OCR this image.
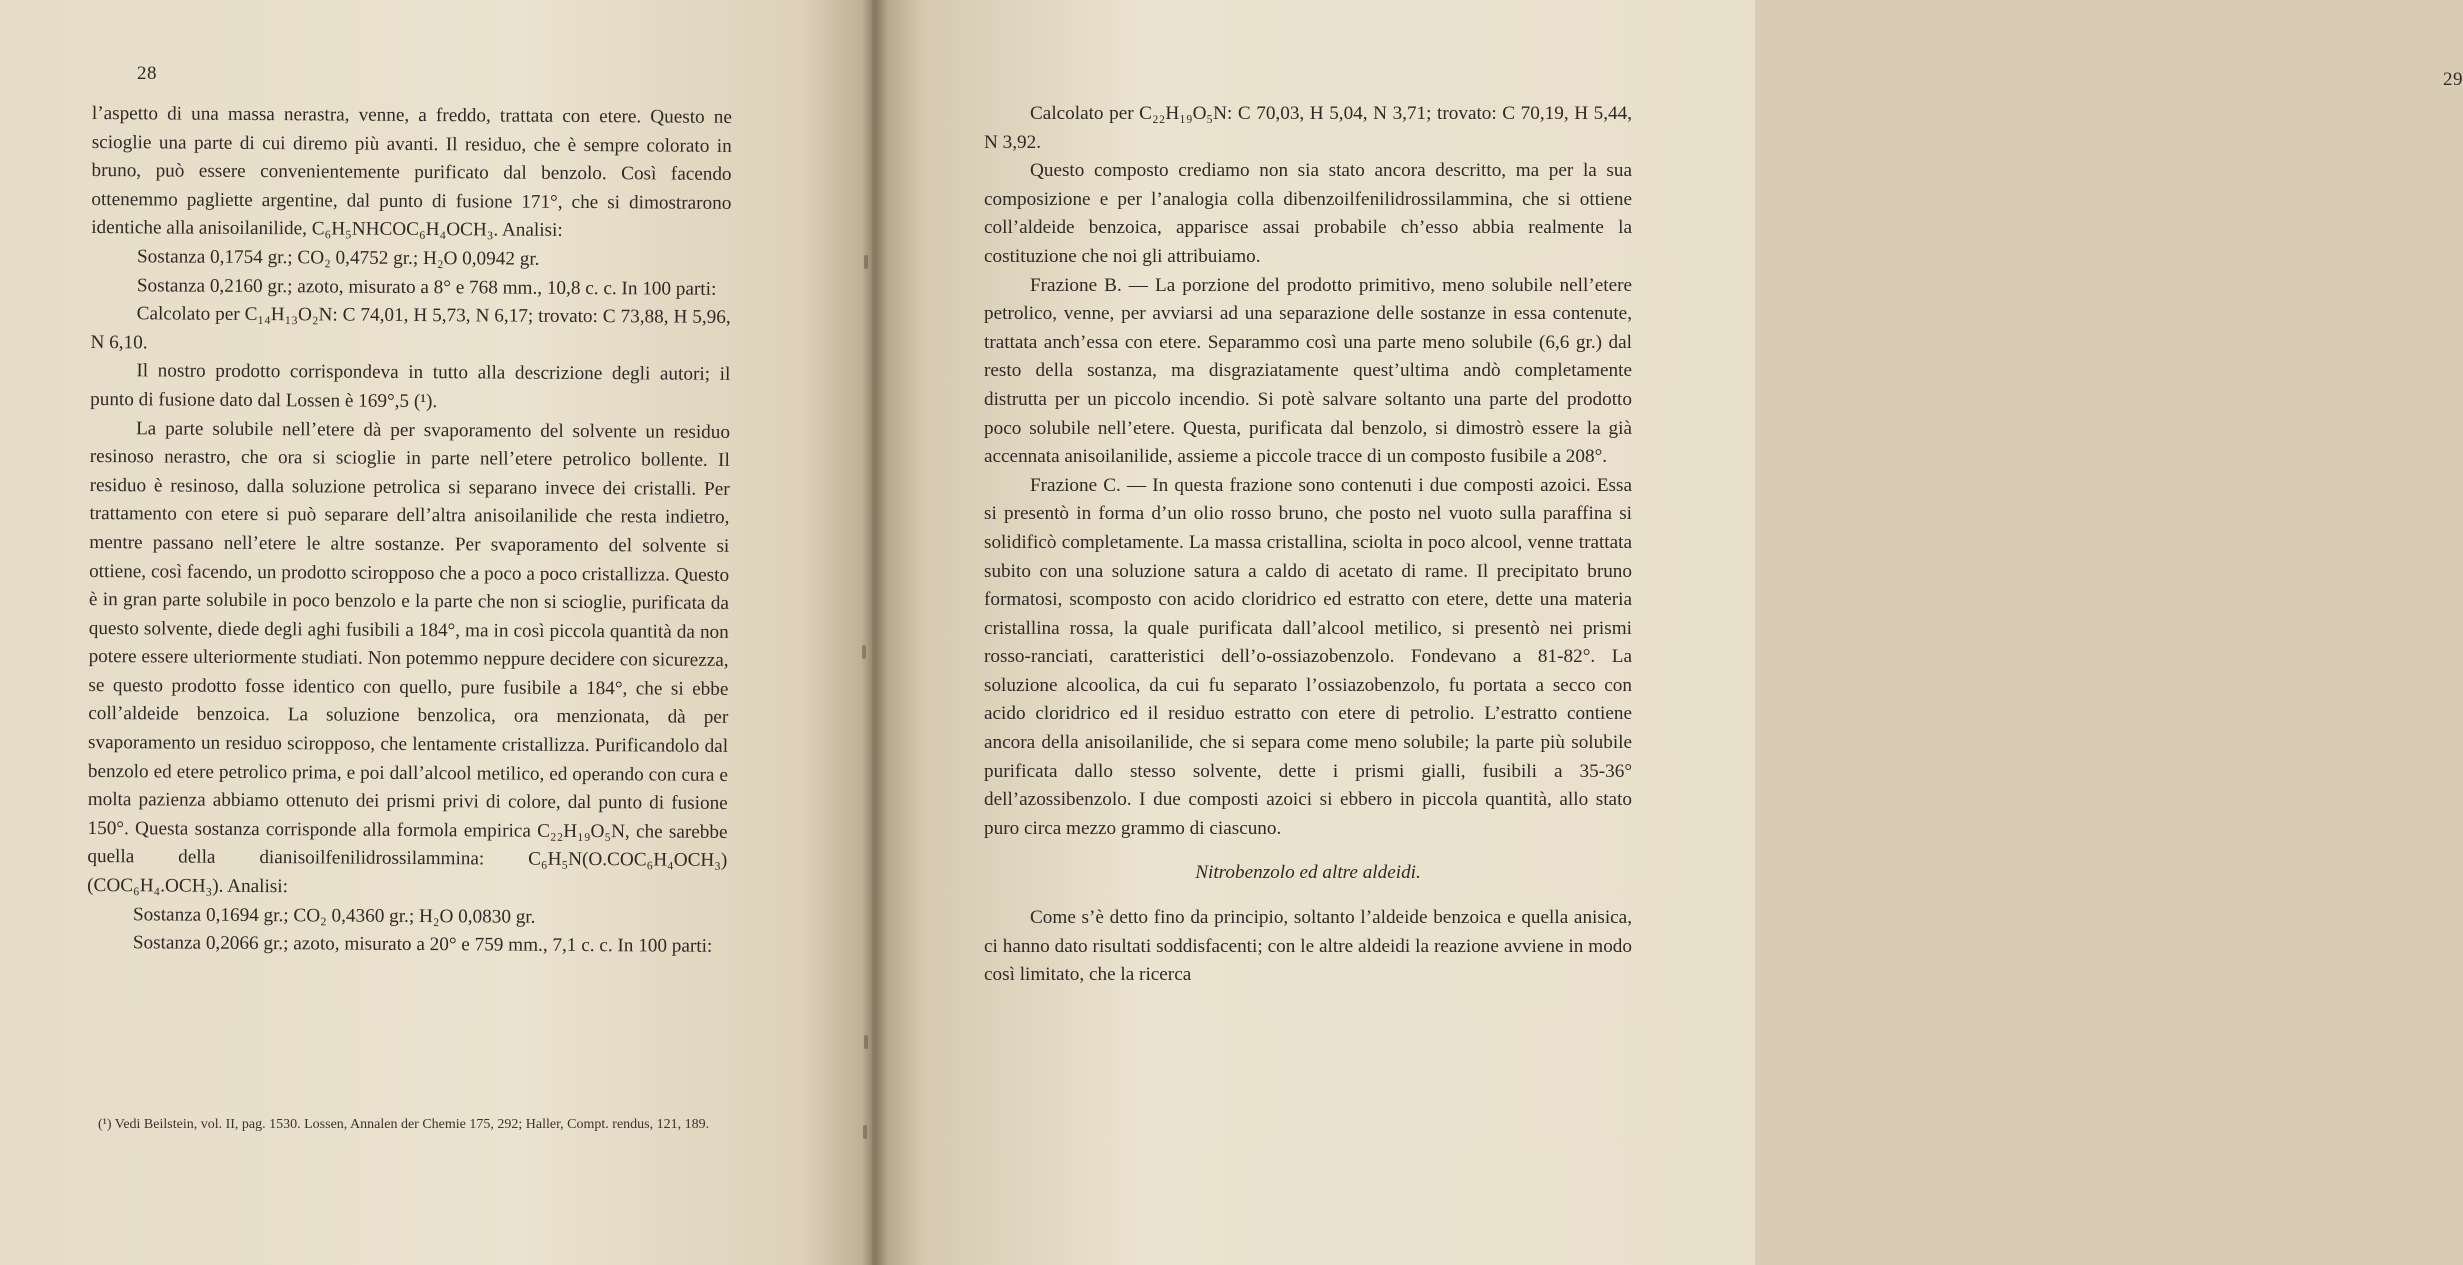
28

l’aspetto di una massa nerastra, venne, a freddo, trattata con etere. Questo ne scioglie una parte di cui diremo più avanti. Il residuo, che è sempre colorato in bruno, può essere convenientemente purificato dal benzolo. Così facendo ottenemmo pagliette argentine, dal punto di fusione 171°, che si dimostrarono identiche alla anisoilanilide, C₆H₅NHCOC₆H₄OCH₃. Analisi:

Sostanza 0,1754 gr.; CO₂ 0,4752 gr.; H₂O 0,0942 gr.

Sostanza 0,2160 gr.; azoto, misurato a 8° e 768 mm., 10,8 c. c. In 100 parti:

Calcolato per C₁₄H₁₃O₂N: C 74,01, H 5,73, N 6,17; trovato: C 73,88, H 5,96, N 6,10.

Il nostro prodotto corrispondeva in tutto alla descrizione degli autori; il punto di fusione dato dal Lossen è 169°,5 (¹).

La parte solubile nell’etere dà per svaporamento del solvente un residuo resinoso nerastro, che ora si scioglie in parte nell’etere petrolico bollente. Il residuo è resinoso, dalla soluzione petrolica si separano invece dei cristalli. Per trattamento con etere si può separare dell’altra anisoilanilide che resta indietro, mentre passano nell’etere le altre sostanze. Per svaporamento del solvente si ottiene, così facendo, un prodotto sciropposo che a poco a poco cristallizza. Questo è in gran parte solubile in poco benzolo e la parte che non si scioglie, purificata da questo solvente, diede degli aghi fusibili a 184°, ma in così piccola quantità da non potere essere ulteriormente studiati. Non potemmo neppure decidere con sicurezza, se questo prodotto fosse identico con quello, pure fusibile a 184°, che si ebbe coll’aldeide benzoica. La soluzione benzolica, ora menzionata, dà per svaporamento un residuo sciropposo, che lentamente cristallizza. Purificandolo dal benzolo ed etere petrolico prima, e poi dall’alcool metilico, ed operando con cura e molta pazienza abbiamo ottenuto dei prismi privi di colore, dal punto di fusione 150°. Questa sostanza corrisponde alla formola empirica C₂₂H₁₉O₅N, che sarebbe quella della dianisoilfenilidrossilammina: C₆H₅N(O.COC₆H₄OCH₃) (COC₆H₄.OCH₃). Analisi:

Sostanza 0,1694 gr.; CO₂ 0,4360 gr.; H₂O 0,0830 gr.

Sostanza 0,2066 gr.; azoto, misurato a 20° e 759 mm., 7,1 c. c. In 100 parti:

(¹) Vedi Beilstein, vol. II, pag. 1530. Lossen, Annalen der Chemie 175, 292; Haller, Compt. rendus, 121, 189.

29

Calcolato per C₂₂H₁₉O₅N: C 70,03, H 5,04, N 3,71; trovato: C 70,19, H 5,44, N 3,92.

Questo composto crediamo non sia stato ancora descritto, ma per la sua composizione e per l’analogia colla dibenzoilfenilidrossilammina, che si ottiene coll’aldeide benzoica, apparisce assai probabile ch’esso abbia realmente la costituzione che noi gli attribuiamo.

Frazione B. — La porzione del prodotto primitivo, meno solubile nell’etere petrolico, venne, per avviarsi ad una separazione delle sostanze in essa contenute, trattata anch’essa con etere. Separammo così una parte meno solubile (6,6 gr.) dal resto della sostanza, ma disgraziatamente quest’ultima andò completamente distrutta per un piccolo incendio. Si potè salvare soltanto una parte del prodotto poco solubile nell’etere. Questa, purificata dal benzolo, si dimostrò essere la già accennata anisoilanilide, assieme a piccole tracce di un composto fusibile a 208°.

Frazione C. — In questa frazione sono contenuti i due composti azoici. Essa si presentò in forma d’un olio rosso bruno, che posto nel vuoto sulla paraffina si solidificò completamente. La massa cristallina, sciolta in poco alcool, venne trattata subito con una soluzione satura a caldo di acetato di rame. Il precipitato bruno formatosi, scomposto con acido cloridrico ed estratto con etere, dette una materia cristallina rossa, la quale purificata dall’alcool metilico, si presentò nei prismi rosso-ranciati, caratteristici dell’o-ossiazobenzolo. Fondevano a 81-82°. La soluzione alcoolica, da cui fu separato l’ossiazobenzolo, fu portata a secco con acido cloridrico ed il residuo estratto con etere di petrolio. L’estratto contiene ancora della anisoilanilide, che si separa come meno solubile; la parte più solubile purificata dallo stesso solvente, dette i prismi gialli, fusibili a 35-36° dell’azossibenzolo. I due composti azoici si ebbero in piccola quantità, allo stato puro circa mezzo grammo di ciascuno.

Nitrobenzolo ed altre aldeidi.

Come s’è detto fino da principio, soltanto l’aldeide benzoica e quella anisica, ci hanno dato risultati soddisfacenti; con le altre aldeidi la reazione avviene in modo così limitato, che la ricerca
